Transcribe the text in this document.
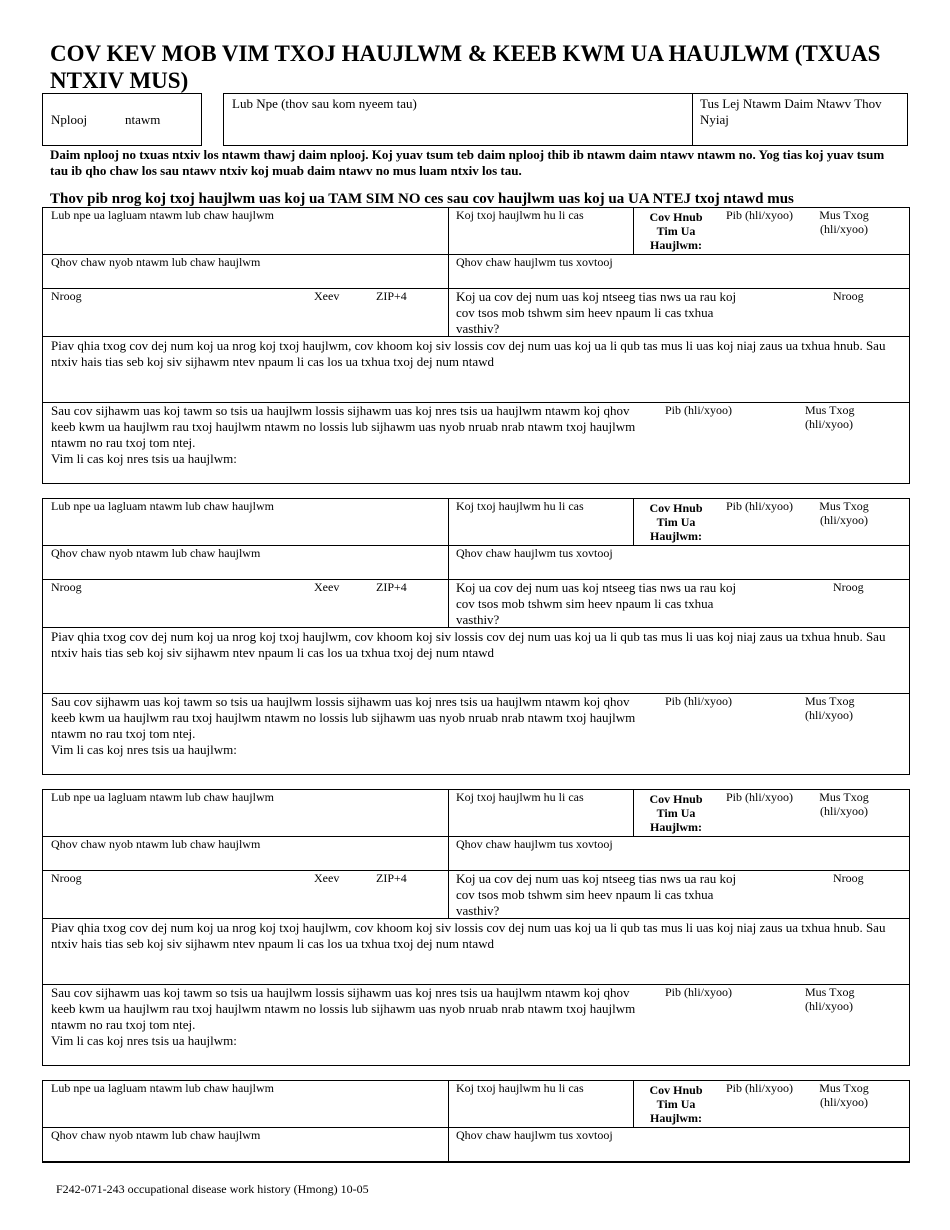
COV KEV MOB VIM TXOJ HAUJLWM & KEEB KWM UA HAUJLWM (TXUAS NTXIV MUS)
Nplooj	ntawm
Lub Npe (thov sau kom nyeem tau)	Tus Lej Ntawm Daim Ntawv Thov Nyiaj
Daim nplooj no txuas ntxiv los ntawm thawj daim nplooj. Koj yuav tsum teb daim nplooj thib ib ntawm daim ntawv ntawm no. Yog tias koj yuav tsum tau ib qho chaw los sau ntawv ntxiv koj muab daim ntawv no mus luam ntxiv los tau.
Thov pib nrog koj txoj haujlwm uas koj ua TAM SIM NO ces sau cov haujlwm uas koj ua UA NTEJ txoj ntawd mus
Lub npe ua lagluam ntawm lub chaw haujlwm	Koj txoj haujlwm hu li cas	Cov Hnub Tim Ua Haujlwm:
Pib (hli/xyoo)	Mus Txog (hli/xyoo)
Qhov chaw nyob ntawm lub chaw haujlwm	Qhov chaw haujlwm tus xovtooj
Nroog	Xeev	ZIP+4	Koj ua cov dej num uas koj ntseeg tias nws ua rau koj cov tsos mob tshwm sim heev npaum li cas txhua vasthiv?
Nroog
Piav qhia txog cov dej num koj ua nrog koj txoj haujlwm, cov khoom koj siv lossis cov dej num uas koj ua li qub tas mus li uas koj niaj zaus ua txhua hnub. Sau ntxiv hais tias seb koj siv sijhawm ntev npaum li cas los ua txhua txoj dej num ntawd
Sau cov sijhawm uas koj tawm so tsis ua haujlwm lossis sijhawm uas koj nres tsis ua haujlwm ntawm koj qhov keeb kwm ua haujlwm rau txoj haujlwm ntawm no lossis lub sijhawm uas nyob nruab nrab ntawm txoj haujlwm ntawm no rau txoj tom ntej.
Vim li cas koj nres tsis ua haujlwm:
Pib (hli/xyoo)	Mus Txog (hli/xyoo)
Lub npe ua lagluam ntawm lub chaw haujlwm	Koj txoj haujlwm hu li cas	Cov Hnub Tim Ua Haujlwm:
Pib (hli/xyoo)	Mus Txog (hli/xyoo)
Qhov chaw nyob ntawm lub chaw haujlwm	Qhov chaw haujlwm tus xovtooj
Nroog	Xeev	ZIP+4	Koj ua cov dej num uas koj ntseeg tias nws ua rau koj cov tsos mob tshwm sim heev npaum li cas txhua vasthiv?
Nroog
Piav qhia txog cov dej num koj ua nrog koj txoj haujlwm, cov khoom koj siv lossis cov dej num uas koj ua li qub tas mus li uas koj niaj zaus ua txhua hnub. Sau ntxiv hais tias seb koj siv sijhawm ntev npaum li cas los ua txhua txoj dej num ntawd
Sau cov sijhawm uas koj tawm so tsis ua haujlwm lossis sijhawm uas koj nres tsis ua haujlwm ntawm koj qhov keeb kwm ua haujlwm rau txoj haujlwm ntawm no lossis lub sijhawm uas nyob nruab nrab ntawm txoj haujlwm ntawm no rau txoj tom ntej.
Vim li cas koj nres tsis ua haujlwm:
Pib (hli/xyoo)	Mus Txog (hli/xyoo)
Lub npe ua lagluam ntawm lub chaw haujlwm	Koj txoj haujlwm hu li cas	Cov Hnub Tim Ua Haujlwm:
Pib (hli/xyoo)	Mus Txog (hli/xyoo)
Qhov chaw nyob ntawm lub chaw haujlwm	Qhov chaw haujlwm tus xovtooj
Nroog	Xeev	ZIP+4	Koj ua cov dej num uas koj ntseeg tias nws ua rau koj cov tsos mob tshwm sim heev npaum li cas txhua vasthiv?
Nroog
Piav qhia txog cov dej num koj ua nrog koj txoj haujlwm, cov khoom koj siv lossis cov dej num uas koj ua li qub tas mus li uas koj niaj zaus ua txhua hnub. Sau ntxiv hais tias seb koj siv sijhawm ntev npaum li cas los ua txhua txoj dej num ntawd
Sau cov sijhawm uas koj tawm so tsis ua haujlwm lossis sijhawm uas koj nres tsis ua haujlwm ntawm koj qhov keeb kwm ua haujlwm rau txoj haujlwm ntawm no lossis lub sijhawm uas nyob nruab nrab ntawm txoj haujlwm ntawm no rau txoj tom ntej.
Vim li cas koj nres tsis ua haujlwm:
Pib (hli/xyoo)	Mus Txog (hli/xyoo)
Lub npe ua lagluam ntawm lub chaw haujlwm	Koj txoj haujlwm hu li cas	Cov Hnub Tim Ua Haujlwm:
Pib (hli/xyoo)	Mus Txog (hli/xyoo)
Qhov chaw nyob ntawm lub chaw haujlwm	Qhov chaw haujlwm tus xovtooj
F242-071-243 occupational disease work history (Hmong) 10-05
